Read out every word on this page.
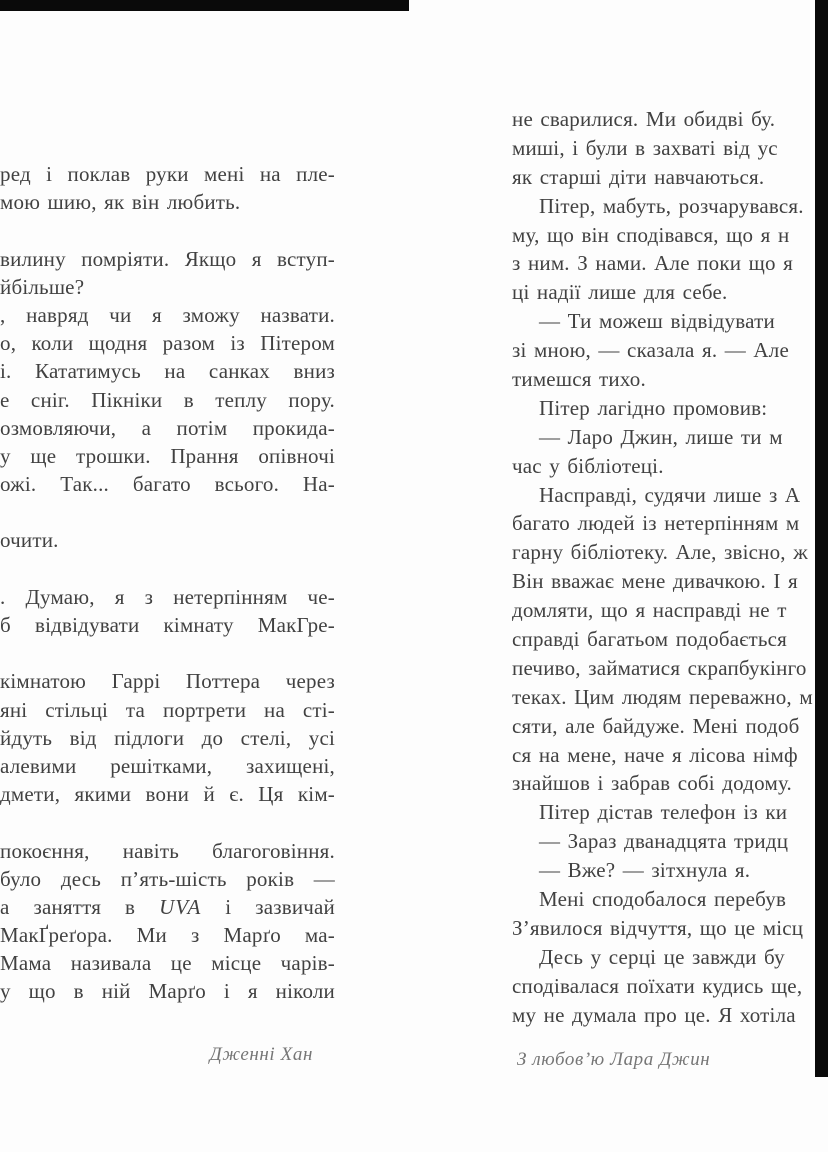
ред і поклав руки мені на пле-
мою шию, як він любить.

вилину помріяти. Якщо я вступ-
йбільше?
, навряд чи я зможу назвати.
о, коли щодня разом із Пітером
і. Кататимусь на санках вниз
е сніг. Пікніки в теплу пору.
озмовляючи, а потім прокида-
у ще трошки. Прання опівночі
ожі. Так... багато всього. На-

очити.

. Думаю, я з нетерпінням че-
б відвідувати кімнату МакГре-

кімнатою Гаррі Поттера через
яні стільці та портрети на сті-
йдуть від підлоги до стелі, усі
алевими решітками, захищені,
дмети, якими вони й є. Ця кім-

покоєння, навіть благоговіння.
було десь п’ять-шість років —
а заняття в UVA і зазвичай
МакҐреґора. Ми з Марґо ма-
Мама називала це місце чарів-
у що в ній Марґо і я ніколи
не сварилися. Ми обидві бу.
миші, і були в захваті від ус
як старші діти навчаються.
Пітер, мабуть, розчарувався.
му, що він сподівався, що я н
з ним. З нами. Але поки що я
ці надії лише для себе.
— Ти можеш відвідувати
зі мною, — сказала я. — Але
тимешся тихо.
Пітер лагідно промовив:
— Ларо Джин, лише ти м
час у бібліотеці.
Насправді, судячи лише з А
багато людей із нетерпінням м
гарну бібліотеку. Але, звісно, ж
Він вважає мене дивачкою. І я
домляти, що я насправді не т
справді багатьом подобається
печиво, займатися скрапбукінго
теках. Цим людям переважно, м
сяти, але байдуже. Мені подоб
ся на мене, наче я лісова німф
знайшов і забрав собі додому.
Пітер дістав телефон із ки
— Зараз дванадцята тридц
— Вже? — зітхнула я.
Мені сподобалося перебув
З’явилося відчуття, що це місц
Десь у серці це завжди бу
сподівалася поїхати кудись ще,
му не думала про це. Я хотіла
Дженні Хан	З любов’ю Лара Джин
